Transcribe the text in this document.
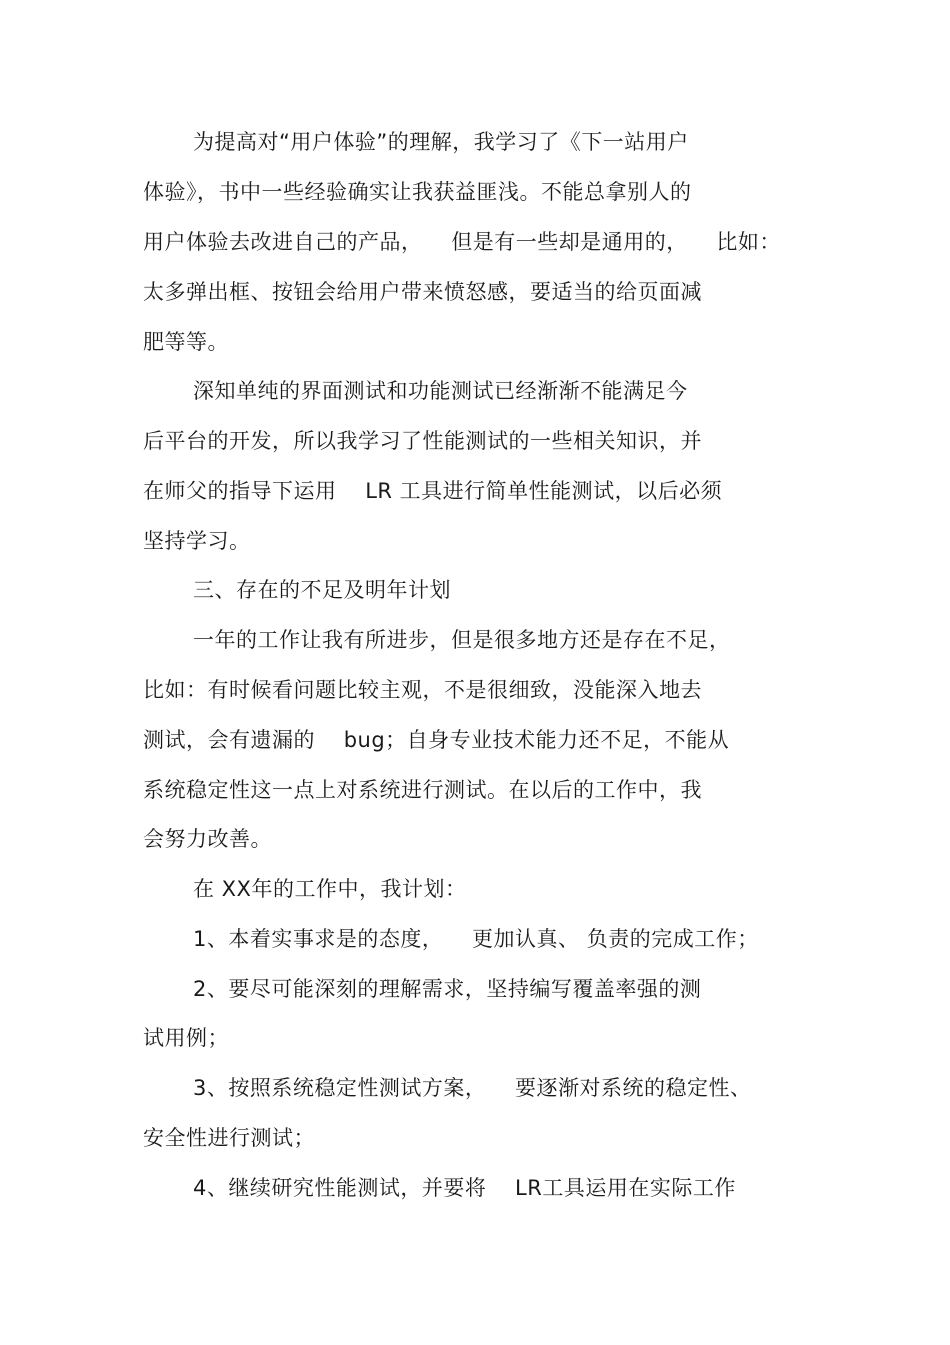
为提高对“用户体验”的理解，我学习了《下一站用户
体验》，书中一些经验确实让我获益匪浅。不能总拿别人的
用户体验去改进自己的产品，    但是有一些却是通用的，    比如：
太多弹出框、按钮会给用户带来愤怒感，要适当的给页面减
肥等等。
深知单纯的界面测试和功能测试已经渐渐不能满足今
后平台的开发，所以我学习了性能测试的一些相关知识，并
在师父的指导下运用    LR 工具进行简单性能测试，以后必须
坚持学习。
三、存在的不足及明年计划
一年的工作让我有所进步，但是很多地方还是存在不足，
比如：有时候看问题比较主观，不是很细致，没能深入地去
测试，会有遗漏的    bug；自身专业技术能力还不足，不能从
系统稳定性这一点上对系统进行测试。在以后的工作中，我
会努力改善。
在 XX年的工作中，我计划：
1、本着实事求是的态度，    更加认真、 负责的完成工作；
2、要尽可能深刻的理解需求，坚持编写覆盖率强的测
试用例；
3、按照系统稳定性测试方案，    要逐渐对系统的稳定性、
安全性进行测试；
4、继续研究性能测试，并要将    LR工具运用在实际工作
